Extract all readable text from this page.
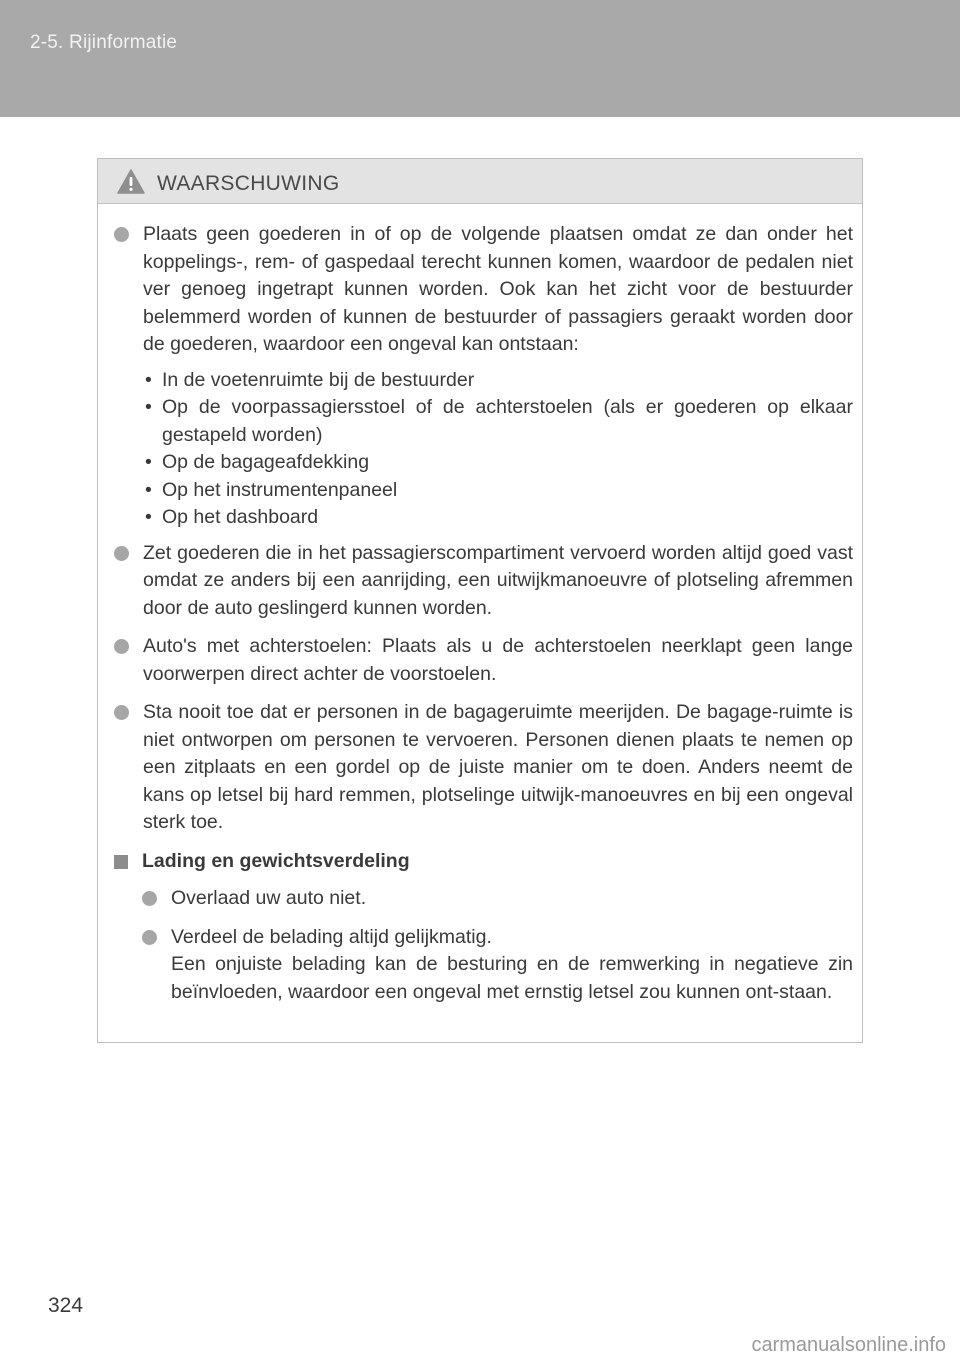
2-5. Rijinformatie
WAARSCHUWING
Plaats geen goederen in of op de volgende plaatsen omdat ze dan onder het koppelings-, rem- of gaspedaal terecht kunnen komen, waardoor de pedalen niet ver genoeg ingetrapt kunnen worden. Ook kan het zicht voor de bestuurder belemmerd worden of kunnen de bestuurder of passagiers geraakt worden door de goederen, waardoor een ongeval kan ontstaan:
• In de voetenruimte bij de bestuurder
• Op de voorpassagiersstoel of de achterstoelen (als er goederen op elkaar gestapeld worden)
• Op de bagageafdekking
• Op het instrumentenpaneel
• Op het dashboard
Zet goederen die in het passagierscompartiment vervoerd worden altijd goed vast omdat ze anders bij een aanrijding, een uitwijkmanoeuvre of plotseling afremmen door de auto geslingerd kunnen worden.
Auto's met achterstoelen: Plaats als u de achterstoelen neerklapt geen lange voorwerpen direct achter de voorstoelen.
Sta nooit toe dat er personen in de bagageruimte meerijden. De bagage-ruimte is niet ontworpen om personen te vervoeren. Personen dienen plaats te nemen op een zitplaats en een gordel op de juiste manier om te doen. Anders neemt de kans op letsel bij hard remmen, plotselinge uitwijk-manoeuvres en bij een ongeval sterk toe.
Lading en gewichtsverdeling
Overlaad uw auto niet.
Verdeel de belading altijd gelijkmatig.
Een onjuiste belading kan de besturing en de remwerking in negatieve zin beïnvloeden, waardoor een ongeval met ernstig letsel zou kunnen ont-staan.
324
carmanualsonline.info
